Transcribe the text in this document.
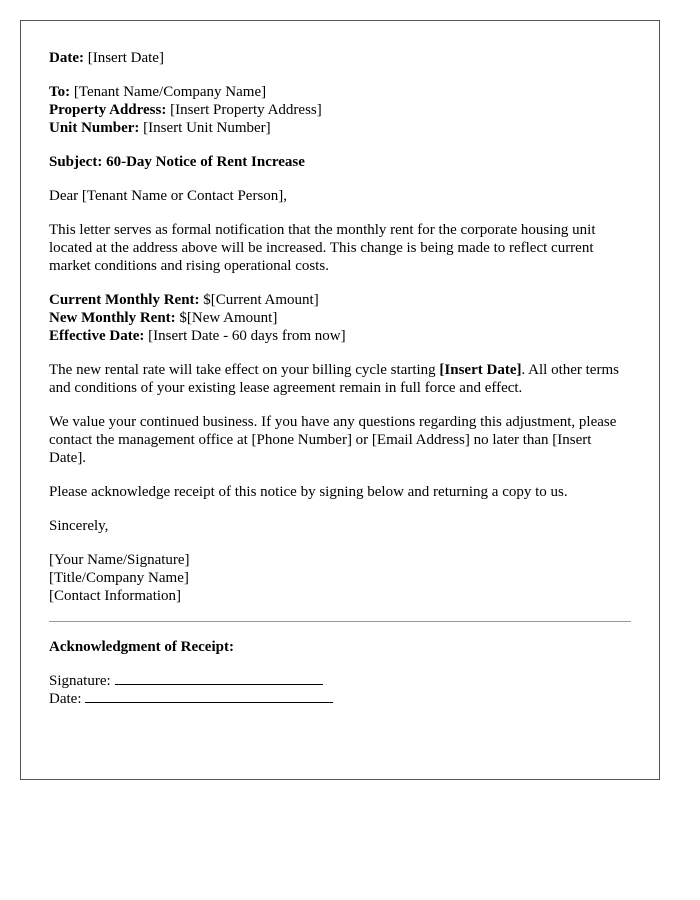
Date: [Insert Date]
To: [Tenant Name/Company Name]
Property Address: [Insert Property Address]
Unit Number: [Insert Unit Number]
Subject: 60-Day Notice of Rent Increase
Dear [Tenant Name or Contact Person],
This letter serves as formal notification that the monthly rent for the corporate housing unit located at the address above will be increased. This change is being made to reflect current market conditions and rising operational costs.
Current Monthly Rent: $[Current Amount]
New Monthly Rent: $[New Amount]
Effective Date: [Insert Date - 60 days from now]
The new rental rate will take effect on your billing cycle starting [Insert Date]. All other terms and conditions of your existing lease agreement remain in full force and effect.
We value your continued business. If you have any questions regarding this adjustment, please contact the management office at [Phone Number] or [Email Address] no later than [Insert Date].
Please acknowledge receipt of this notice by signing below and returning a copy to us.
Sincerely,
[Your Name/Signature]
[Title/Company Name]
[Contact Information]
Acknowledgment of Receipt:
Signature:
Date:
